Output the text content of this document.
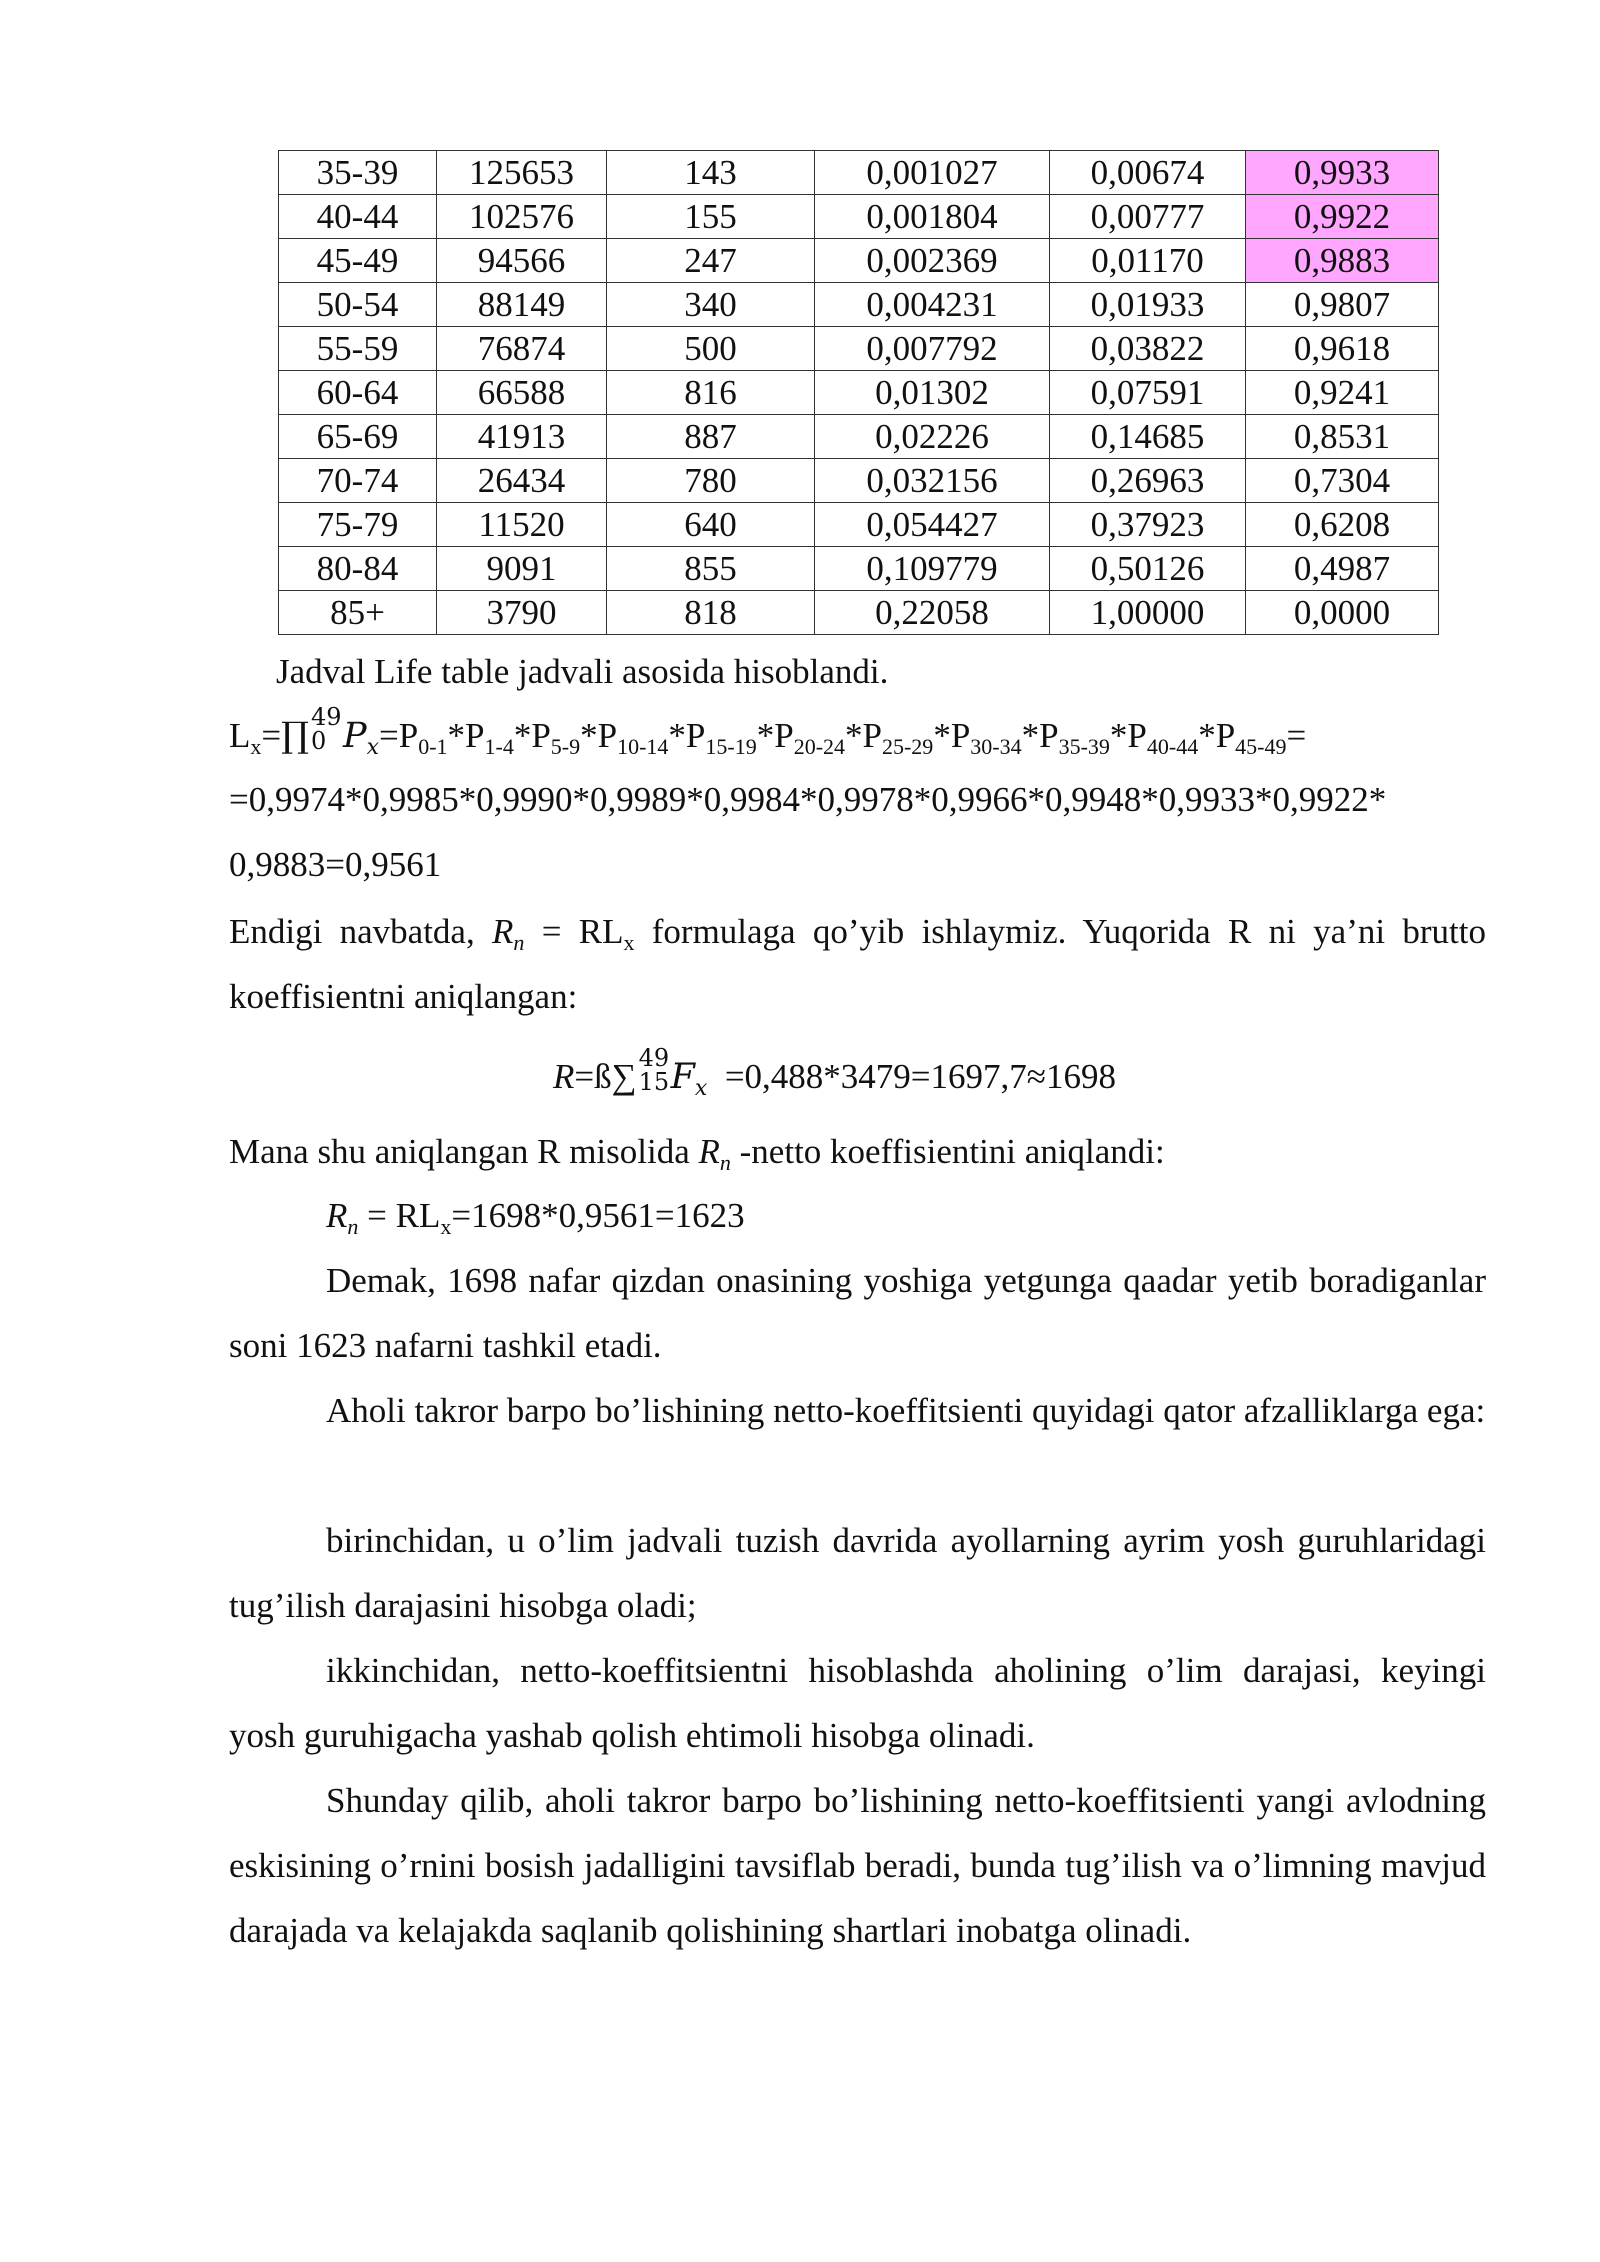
35-39	125653	143	0,001027	0,00674	0,9933
40-44	102576	155	0,001804	0,00777	0,9922
45-49	94566	247	0,002369	0,01170	0,9883
50-54	88149	340	0,004231	0,01933	0,9807
55-59	76874	500	0,007792	0,03822	0,9618
60-64	66588	816	0,01302	0,07591	0,9241
65-69	41913	887	0,02226	0,14685	0,8531
70-74	26434	780	0,032156	0,26963	0,7304
75-79	11520	640	0,054427	0,37923	0,6208
80-84	9091	855	0,109779	0,50126	0,4987
85+	3790	818	0,22058	1,00000	0,0000
Jadval Life table jadvali asosida hisoblandi.
$L_x=\prod$ 49
0 $P_x=P_{0-1}*P_{1-4}*P_{5-9}*P_{10-14}*P_{15-19}*P_{20-24}*P_{25-29}*P_{30-34}*P_{35-39}*P_{40-44}*P_{45-49}=$
=0,9974*0,9985*0,9990*0,9989*0,9984*0,9978*0,9966*0,9948*0,9933*0,9922*
0,9883=0,9561

Endigi navbatda, $R_n = RL_x$ formulaga qo’yib ishlaymiz. Yuqorida R ni ya’ni brutto koeffisientni aniqlangan:

R=ß∑ 49
15 $F_x =0,488*3479=1697,7\approx 1698$
Mana shu aniqlangan R misolida $R_n$ -netto koeffisientini aniqlandi:
$R_n = RL_x=1698*0,9561=1623$

Demak, 1698 nafar qizdan onasining yoshiga yetgunga qaadar yetib boradiganlar soni 1623 nafarni tashkil etadi.

Aholi takror barpo bo’lishining netto-koeffitsienti quyidagi qator afzalliklarga ega:

birinchidan, u o’lim jadvali tuzish davrida ayollarning ayrim yosh guruhlaridagi tug’ilish darajasini hisobga oladi;

ikkinchidan, netto-koeffitsientni hisoblashda aholining o’lim darajasi, keyingi yosh guruhigacha yashab qolish ehtimoli hisobga olinadi.

Shunday qilib, aholi takror barpo bo’lishining netto-koeffitsienti yangi avlodning eskisining o’rnini bosish jadalligini tavsiflab beradi, bunda tug’ilish va o’limning mavjud darajada va kelajakda saqlanib qolishining shartlari inobatga olinadi.
